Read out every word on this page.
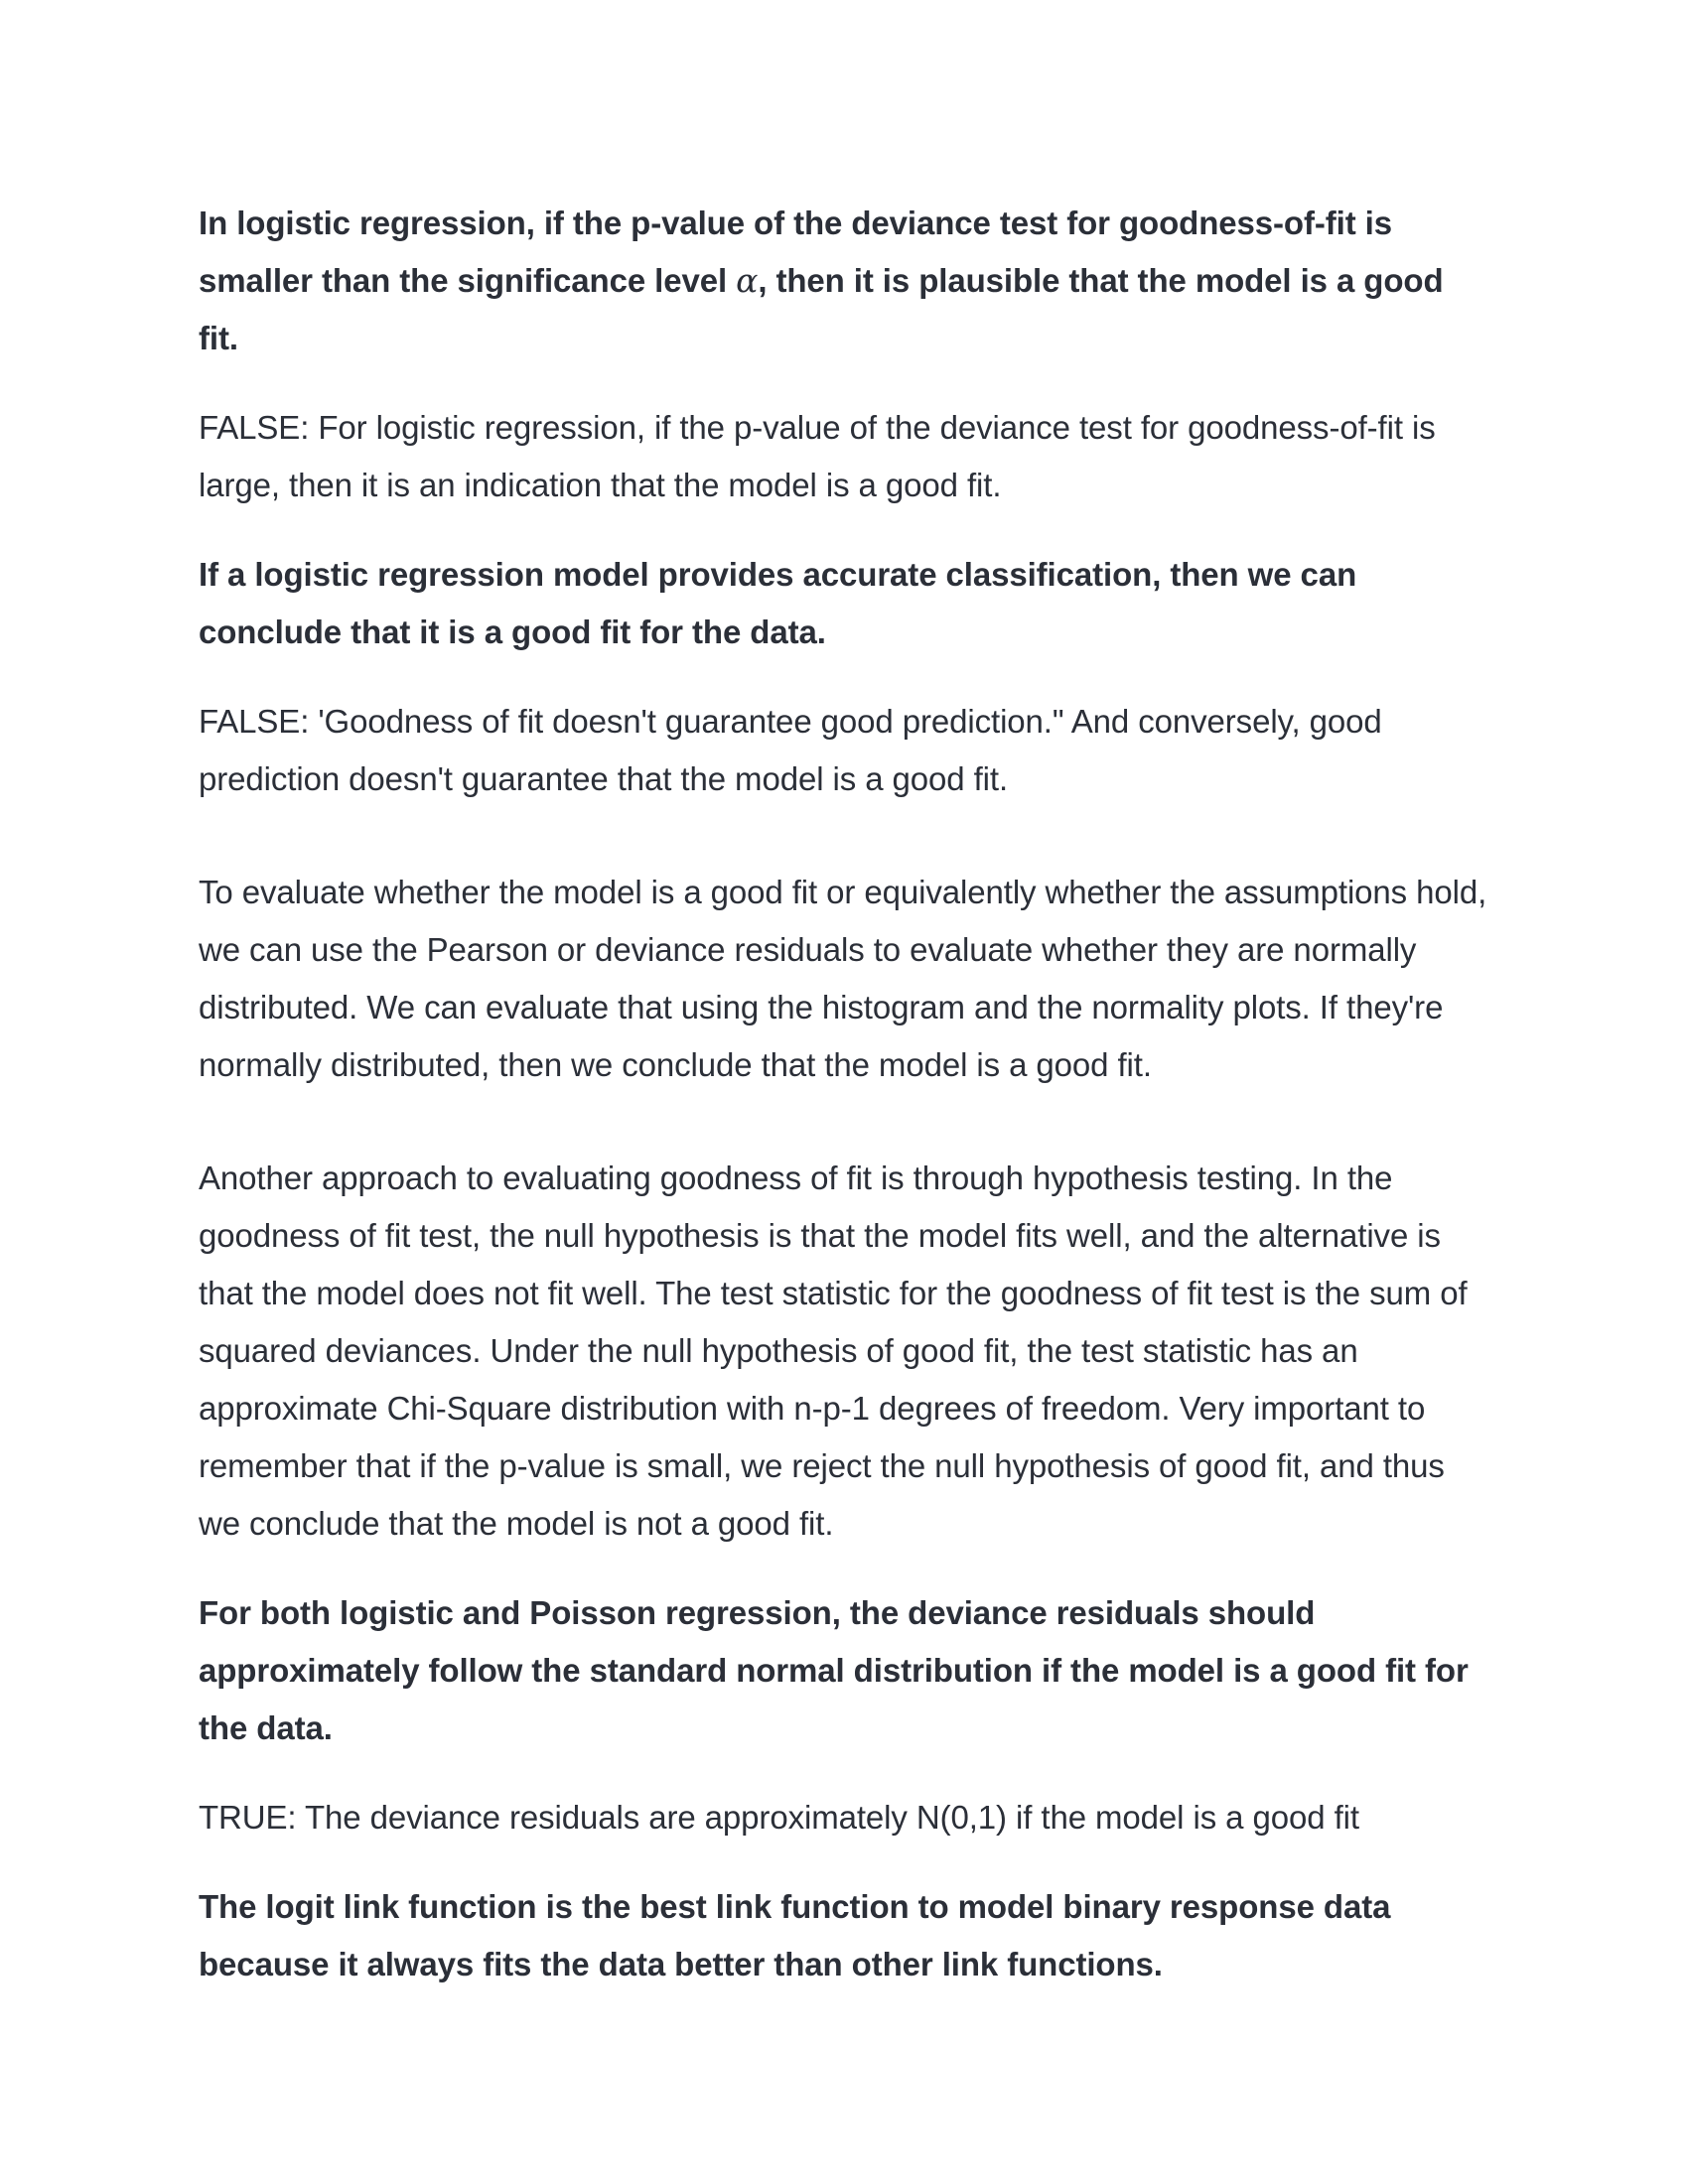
In logistic regression, if the p-value of the deviance test for goodness-of-fit is smaller than the significance level α, then it is plausible that the model is a good fit.

FALSE: For logistic regression, if the p-value of the deviance test for goodness-of-fit is large, then it is an indication that the model is a good fit.

If a logistic regression model provides accurate classification, then we can conclude that it is a good fit for the data.

FALSE: 'Goodness of fit doesn't guarantee good prediction." And conversely, good prediction doesn't guarantee that the model is a good fit.

To evaluate whether the model is a good fit or equivalently whether the assumptions hold, we can use the Pearson or deviance residuals to evaluate whether they are normally distributed. We can evaluate that using the histogram and the normality plots. If they're normally distributed, then we conclude that the model is a good fit.

Another approach to evaluating goodness of fit is through hypothesis testing. In the goodness of fit test, the null hypothesis is that the model fits well, and the alternative is that the model does not fit well. The test statistic for the goodness of fit test is the sum of squared deviances. Under the null hypothesis of good fit, the test statistic has an approximate Chi-Square distribution with n-p-1 degrees of freedom. Very important to remember that if the p-value is small, we reject the null hypothesis of good fit, and thus we conclude that the model is not a good fit.

For both logistic and Poisson regression, the deviance residuals should approximately follow the standard normal distribution if the model is a good fit for the data.

TRUE: The deviance residuals are approximately N(0,1) if the model is a good fit

The logit link function is the best link function to model binary response data because it always fits the data better than other link functions.
